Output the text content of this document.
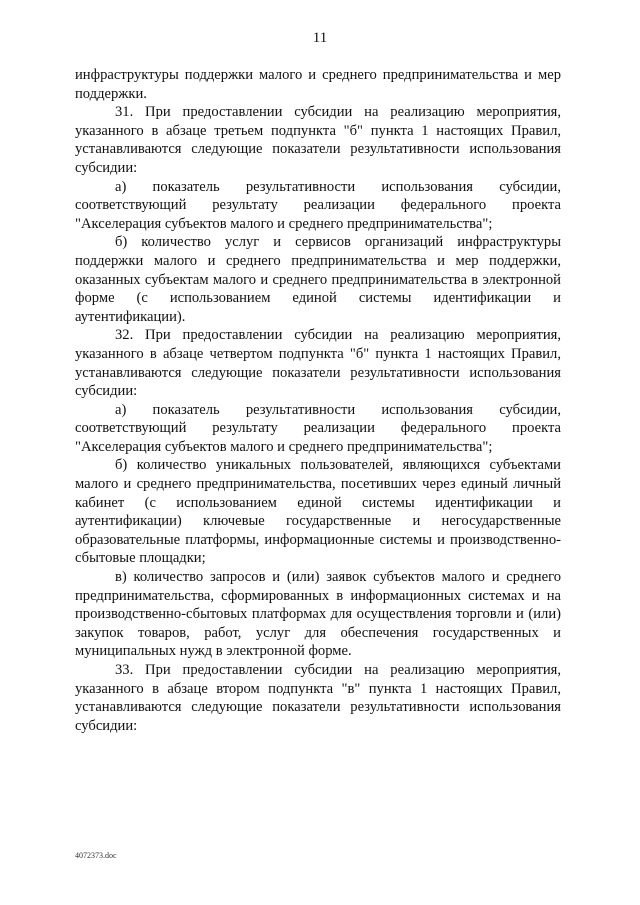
11

инфраструктуры поддержки малого и среднего предпринимательства и мер поддержки.

31. При предоставлении субсидии на реализацию мероприятия, указанного в абзаце третьем подпункта "б" пункта 1 настоящих Правил, устанавливаются следующие показатели результативности использования субсидии:

а) показатель результативности использования субсидии, соответствующий результату реализации федерального проекта "Акселерация субъектов малого и среднего предпринимательства";

б) количество услуг и сервисов организаций инфраструктуры поддержки малого и среднего предпринимательства и мер поддержки, оказанных субъектам малого и среднего предпринимательства в электронной форме (с использованием единой системы идентификации и аутентификации).

32. При предоставлении субсидии на реализацию мероприятия, указанного в абзаце четвертом подпункта "б" пункта 1 настоящих Правил, устанавливаются следующие показатели результативности использования субсидии:

а) показатель результативности использования субсидии, соответствующий результату реализации федерального проекта "Акселерация субъектов малого и среднего предпринимательства";

б) количество уникальных пользователей, являющихся субъектами малого и среднего предпринимательства, посетивших через единый личный кабинет (с использованием единой системы идентификации и аутентификации) ключевые государственные и негосударственные образовательные платформы, информационные системы и производственно-сбытовые площадки;

в) количество запросов и (или) заявок субъектов малого и среднего предпринимательства, сформированных в информационных системах и на производственно-сбытовых платформах для осуществления торговли и (или) закупок товаров, работ, услуг для обеспечения государственных и муниципальных нужд в электронной форме.

33. При предоставлении субсидии на реализацию мероприятия, указанного в абзаце втором подпункта "в" пункта 1 настоящих Правил, устанавливаются следующие показатели результативности использования субсидии:

4072373.doc
